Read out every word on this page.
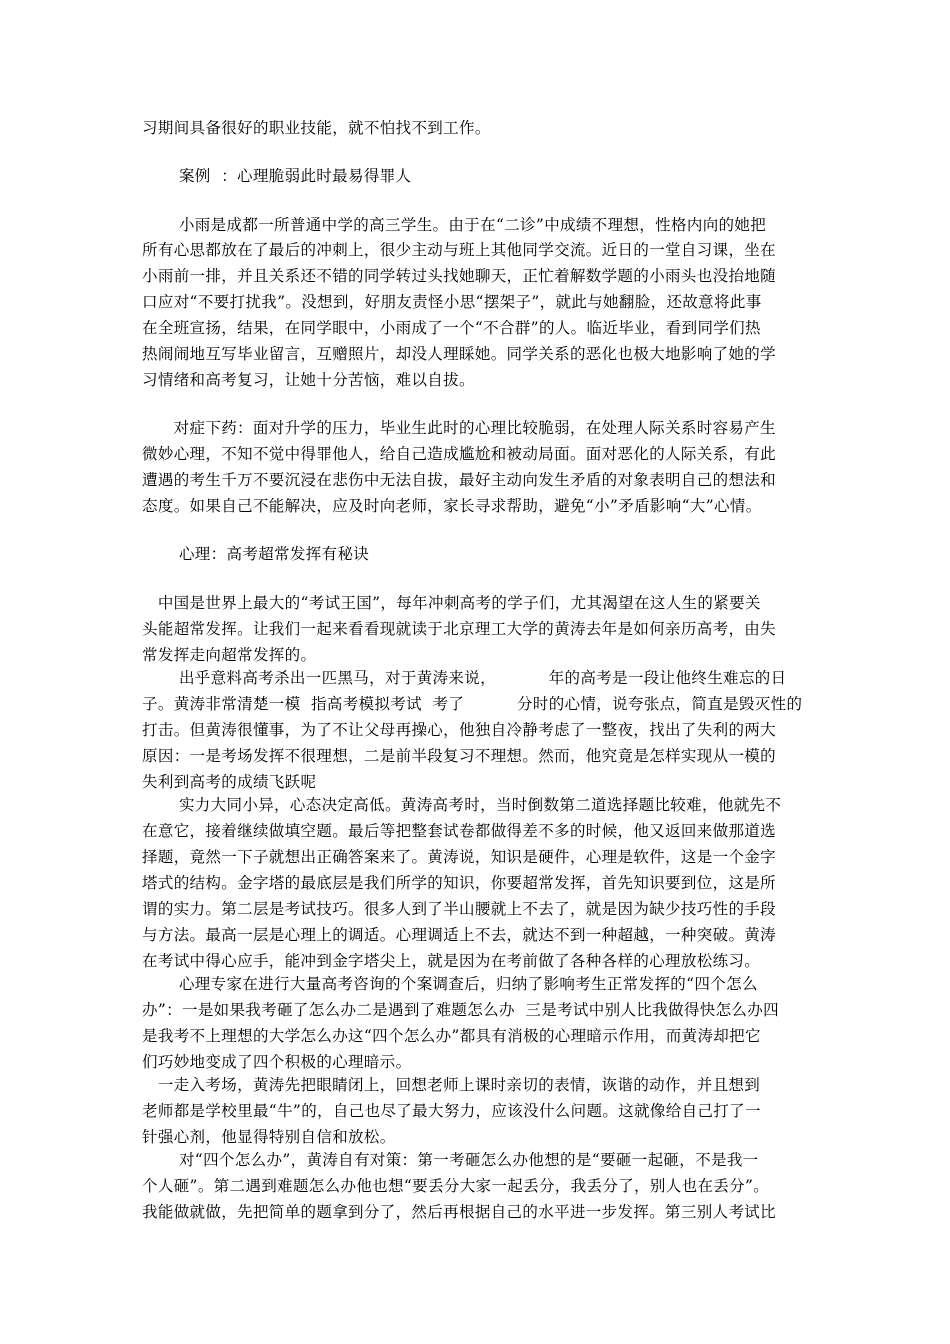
习期间具备很好的职业技能，就不怕找不到工作。
案例  ：心理脆弱此时最易得罪人
小雨是成都一所普通中学的高三学生。由于在“二诊”中成绩不理想，性格内向的她把
所有心思都放在了最后的冲刺上，很少主动与班上其他同学交流。近日的一堂自习课，坐在
小雨前一排，并且关系还不错的同学转过头找她聊天，正忙着解数学题的小雨头也没抬地随
口应对“不要打扰我”。没想到，好朋友责怪小思“摆架子”，就此与她翻脸，还故意将此事
在全班宣扬，结果，在同学眼中，小雨成了一个“不合群”的人。临近毕业，看到同学们热
热闹闹地互写毕业留言，互赠照片，却没人理睬她。同学关系的恶化也极大地影响了她的学
习情绪和高考复习，让她十分苦恼，难以自拔。
对症下药：面对升学的压力，毕业生此时的心理比较脆弱，在处理人际关系时容易产生
微妙心理，不知不觉中得罪他人，给自己造成尴尬和被动局面。面对恶化的人际关系，有此
遭遇的考生千万不要沉浸在悲伤中无法自拔，最好主动向发生矛盾的对象表明自己的想法和
态度。如果自己不能解决，应及时向老师，家长寻求帮助，避免“小”矛盾影响“大”心情。
心理：高考超常发挥有秘诀
中国是世界上最大的“考试王国”，每年冲刺高考的学子们，尤其渴望在这人生的紧要关
头能超常发挥。让我们一起来看看现就读于北京理工大学的黄涛去年是如何亲历高考，由失
常发挥走向超常发挥的。
出乎意料高考杀出一匹黑马，对于黄涛来说，          年的高考是一段让他终生难忘的日
子。黄涛非常清楚一模  指高考模拟考试  考了          分时的心情，说夸张点，简直是毁灭性的
打击。但黄涛很懂事，为了不让父母再操心，他独自冷静考虑了一整夜，找出了失利的两大
原因：一是考场发挥不很理想，二是前半段复习不理想。然而，他究竟是怎样实现从一模的
失利到高考的成绩飞跃呢
实力大同小异，心态决定高低。黄涛高考时，当时倒数第二道选择题比较难，他就先不
在意它，接着继续做填空题。最后等把整套试卷都做得差不多的时候，他又返回来做那道选
择题，竟然一下子就想出正确答案来了。黄涛说，知识是硬件，心理是软件，这是一个金字
塔式的结构。金字塔的最底层是我们所学的知识，你要超常发挥，首先知识要到位，这是所
谓的实力。第二层是考试技巧。很多人到了半山腰就上不去了，就是因为缺少技巧性的手段
与方法。最高一层是心理上的调适。心理调适上不去，就达不到一种超越，一种突破。黄涛
在考试中得心应手，能冲到金字塔尖上，就是因为在考前做了各种各样的心理放松练习。
心理专家在进行大量高考咨询的个案调查后，归纳了影响考生正常发挥的“四个怎么
办”：一是如果我考砸了怎么办二是遇到了难题怎么办  三是考试中别人比我做得快怎么办四
是我考不上理想的大学怎么办这“四个怎么办”都具有消极的心理暗示作用，而黄涛却把它
们巧妙地变成了四个积极的心理暗示。
一走入考场，黄涛先把眼睛闭上，回想老师上课时亲切的表情，诙谐的动作，并且想到
老师都是学校里最“牛”的，自己也尽了最大努力，应该没什么问题。这就像给自己打了一
针强心剂，他显得特别自信和放松。
对“四个怎么办”，黄涛自有对策：第一考砸怎么办他想的是“要砸一起砸，不是我一
个人砸”。第二遇到难题怎么办他也想“要丢分大家一起丢分，我丢分了，别人也在丢分”。
我能做就做，先把简单的题拿到分了，然后再根据自己的水平进一步发挥。第三别人考试比
